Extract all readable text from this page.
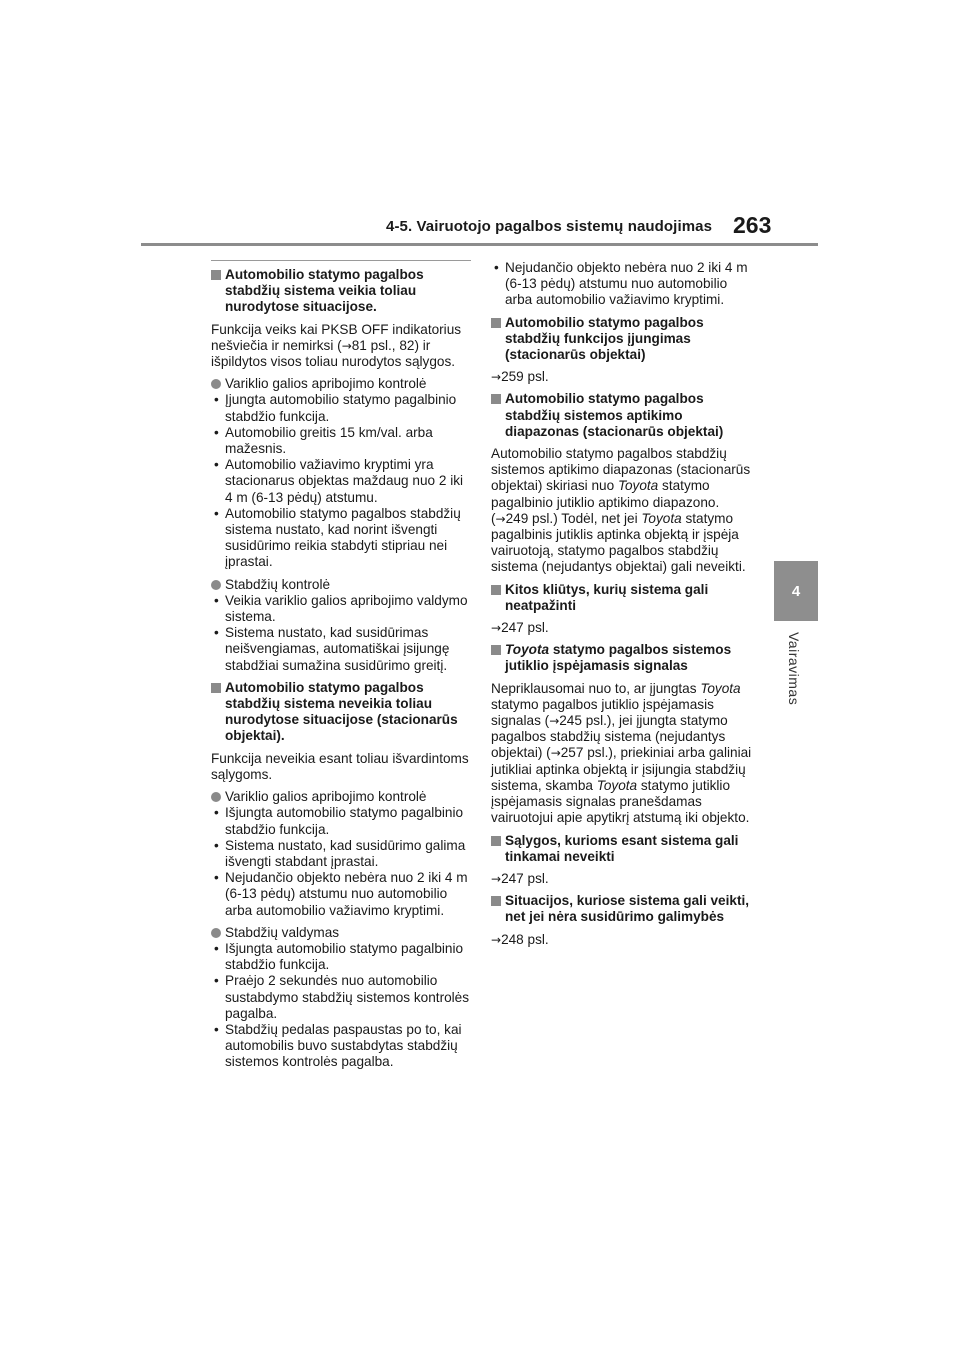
4-5. Vairuotojo pagalbos sistemų naudojimas 263
4
Vairavimas
Automobilio statymo pagalbos stabdžių sistema veikia toliau nurodytose situacijose.
Funkcija veiks kai PKSB OFF indikatorius nešviečia ir nemirksi (→81 psl., 82) ir išpildytos visos toliau nurodytos sąlygos.
Variklio galios apribojimo kontrolė
• Įjungta automobilio statymo pagalbinio stabdžio funkcija.
• Automobilio greitis 15 km/val. arba mažesnis.
• Automobilio važiavimo kryptimi yra stacionarus objektas maždaug nuo 2 iki 4 m (6-13 pėdų) atstumu.
• Automobilio statymo pagalbos stabdžių sistema nustato, kad norint išvengti susidūrimo reikia stabdyti stipriau nei įprastai.
Stabdžių kontrolė
• Veikia variklio galios apribojimo valdymo sistema.
• Sistema nustato, kad susidūrimas neišvengiamas, automatiškai įsijungę stabdžiai sumažina susidūrimo greitį.
Automobilio statymo pagalbos stabdžių sistema neveikia toliau nurodytose situacijose (stacionarūs objektai).
Funkcija neveikia esant toliau išvardintoms sąlygoms.
Variklio galios apribojimo kontrolė
• Išjungta automobilio statymo pagalbinio stabdžio funkcija.
• Sistema nustato, kad susidūrimo galima išvengti stabdant įprastai.
• Nejudančio objekto nebėra nuo 2 iki 4 m (6-13 pėdų) atstumu nuo automobilio arba automobilio važiavimo kryptimi.
Stabdžių valdymas
• Išjungta automobilio statymo pagalbinio stabdžio funkcija.
• Praėjo 2 sekundės nuo automobilio sustabdymo stabdžių sistemos kontrolės pagalba.
• Stabdžių pedalas paspaustas po to, kai automobilis buvo sustabdytas stabdžių sistemos kontrolės pagalba.
• Nejudančio objekto nebėra nuo 2 iki 4 m (6-13 pėdų) atstumu nuo automobilio arba automobilio važiavimo kryptimi.
Automobilio statymo pagalbos stabdžių funkcijos įjungimas (stacionarūs objektai)
→259 psl.
Automobilio statymo pagalbos stabdžių sistemos aptikimo diapazonas (stacionarūs objektai)
Automobilio statymo pagalbos stabdžių sistemos aptikimo diapazonas (stacionarūs objektai) skiriasi nuo Toyota statymo pagalbinio jutiklio aptikimo diapazono. (→249 psl.) Todėl, net jei Toyota statymo pagalbinis jutiklis aptinka objektą ir įspėja vairuotoją, statymo pagalbos stabdžių sistema (nejudantys objektai) gali neveikti.
Kitos kliūtys, kurių sistema gali neatpažinti
→247 psl.
Toyota statymo pagalbos sistemos jutiklio įspėjamasis signalas
Nepriklausomai nuo to, ar įjungtas Toyota statymo pagalbos jutiklio įspėjamasis signalas (→245 psl.), jei įjungta statymo pagalbos stabdžių sistema (nejudantys objektai) (→257 psl.), priekiniai arba galiniai jutikliai aptinka objektą ir įsijungia stabdžių sistema, skamba Toyota statymo jutiklio įspėjamasis signalas pranešdamas vairuotojui apie apytikrį atstumą iki objekto.
Sąlygos, kurioms esant sistema gali tinkamai neveikti
→247 psl.
Situacijos, kuriose sistema gali veikti, net jei nėra susidūrimo galimybės
→248 psl.
